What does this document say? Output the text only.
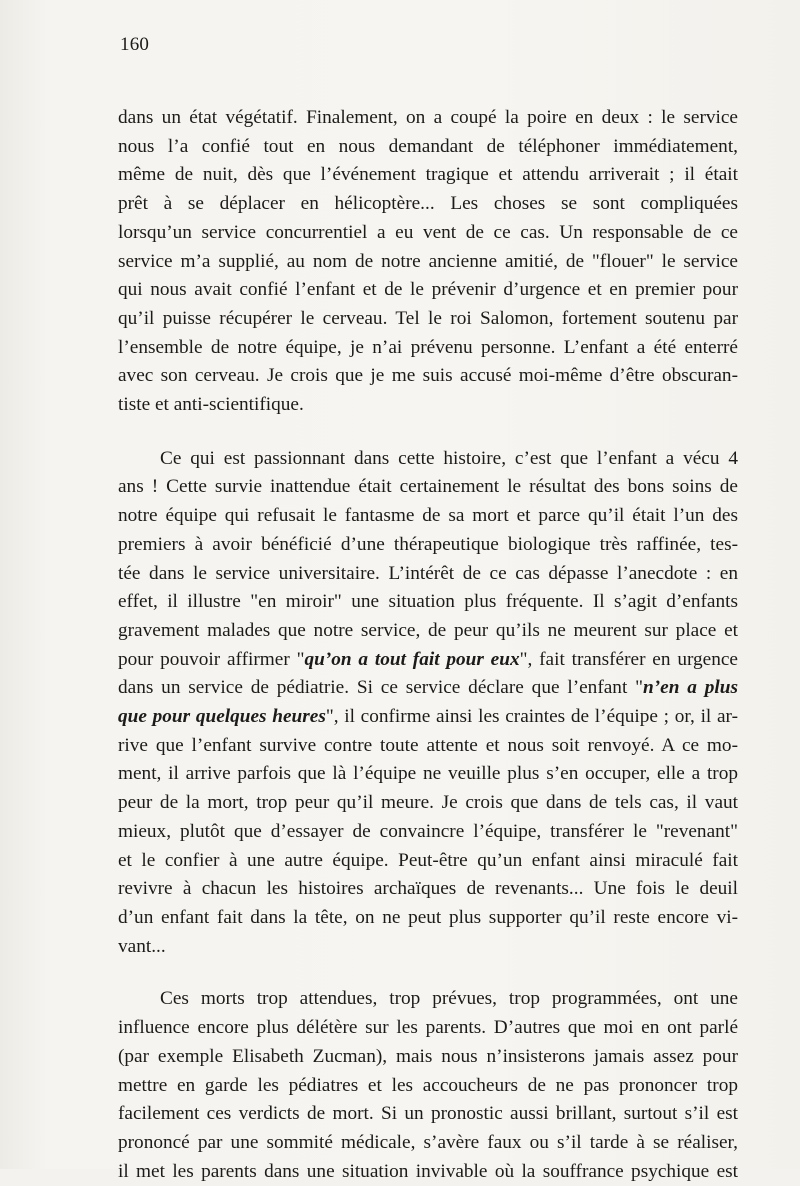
160

dans un état végétatif. Finalement, on a coupé la poire en deux : le service
nous l’a confié tout en nous demandant de téléphoner immédiatement,
même de nuit, dès que l’événement tragique et attendu arriverait ; il était
prêt à se déplacer en hélicoptère... Les choses se sont compliquées
lorsqu’un service concurrentiel a eu vent de ce cas. Un responsable de ce
service m’a supplié, au nom de notre ancienne amitié, de "flouer" le service
qui nous avait confié l’enfant et de le prévenir d’urgence et en premier pour
qu’il puisse récupérer le cerveau. Tel le roi Salomon, fortement soutenu par
l’ensemble de notre équipe, je n’ai prévenu personne. L’enfant a été enterré
avec son cerveau. Je crois que je me suis accusé moi-même d’être obscuran-
tiste et anti-scientifique.

Ce qui est passionnant dans cette histoire, c’est que l’enfant a vécu 4
ans ! Cette survie inattendue était certainement le résultat des bons soins de
notre équipe qui refusait le fantasme de sa mort et parce qu’il était l’un des
premiers à avoir bénéficié d’une thérapeutique biologique très raffinée, tes-
tée dans le service universitaire. L’intérêt de ce cas dépasse l’anecdote : en
effet, il illustre "en miroir" une situation plus fréquente. Il s’agit d’enfants
gravement malades que notre service, de peur qu’ils ne meurent sur place et
pour pouvoir affirmer "qu’on a tout fait pour eux", fait transférer en urgence
dans un service de pédiatrie. Si ce service déclare que l’enfant "n’en a plus
que pour quelques heures", il confirme ainsi les craintes de l’équipe ; or, il ar-
rive que l’enfant survive contre toute attente et nous soit renvoyé. A ce mo-
ment, il arrive parfois que là l’équipe ne veuille plus s’en occuper, elle a trop
peur de la mort, trop peur qu’il meure. Je crois que dans de tels cas, il vaut
mieux, plutôt que d’essayer de convaincre l’équipe, transférer le "revenant"
et le confier à une autre équipe. Peut-être qu’un enfant ainsi miraculé fait
revivre à chacun les histoires archaïques de revenants... Une fois le deuil
d’un enfant fait dans la tête, on ne peut plus supporter qu’il reste encore vi-
vant...

Ces morts trop attendues, trop prévues, trop programmées, ont une
influence encore plus délétère sur les parents. D’autres que moi en ont parlé
(par exemple Elisabeth Zucman), mais nous n’insisterons jamais assez pour
mettre en garde les pédiatres et les accoucheurs de ne pas prononcer trop
facilement ces verdicts de mort. Si un pronostic aussi brillant, surtout s’il est
prononcé par une sommité médicale, s’avère faux ou s’il tarde à se réaliser,
il met les parents dans une situation invivable où la souffrance psychique est
